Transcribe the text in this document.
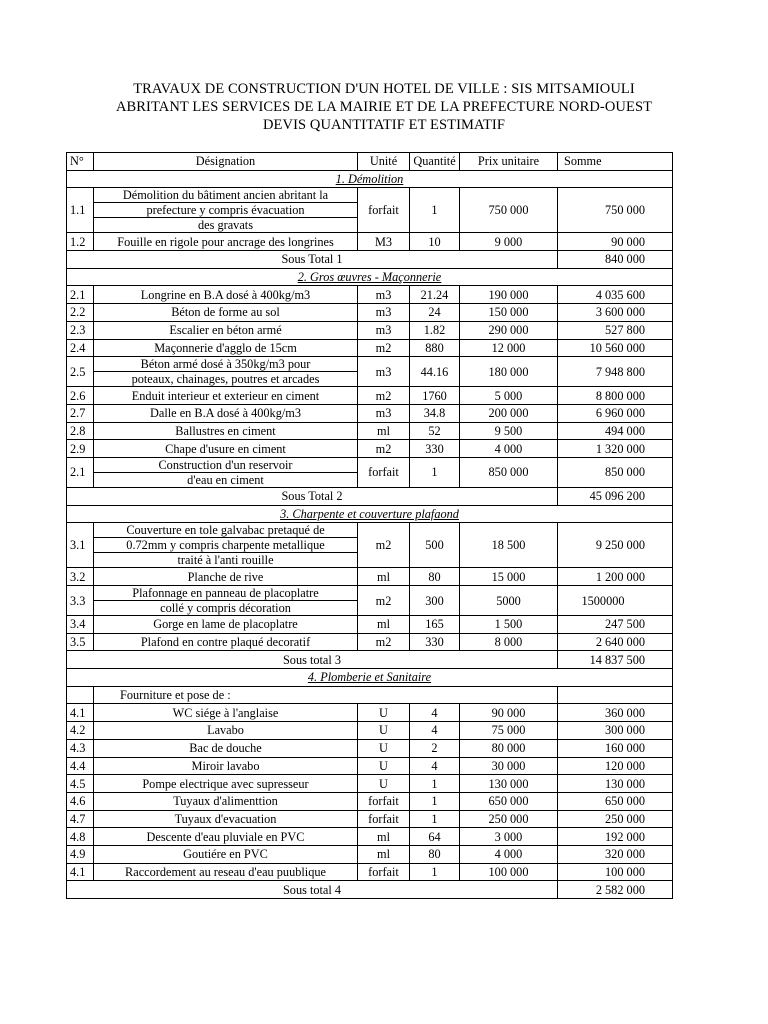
TRAVAUX DE CONSTRUCTION D'UN HOTEL DE VILLE : SIS MITSAMIOULI
ABRITANT LES SERVICES DE LA MAIRIE ET DE LA PREFECTURE NORD-OUEST
DEVIS QUANTITATIF ET ESTIMATIF
N°	Désignation	Unité	Quantité	Prix unitaire	Somme
1. Démolition					
1.1	Démolition du bâtiment ancien abritant la
prefecture y compris évacuation
des gravats	forfait	1	750 000	750 000
1.2	Fouille en rigole pour ancrage des longrines	M3	10	9 000	90 000
Sous Total 1					840 000
2. Gros œuvres - Maçonnerie					
2.1	Longrine en B.A dosé à 400kg/m3	m3	21.24	190 000	4 035 600
2.2	Béton de forme au sol	m3	24	150 000	3 600 000
2.3	Escalier en béton armé	m3	1.82	290 000	527 800
2.4	Maçonnerie d'agglo de 15cm	m2	880	12 000	10 560 000
2.5	Béton armé dosé à 350kg/m3 pour
poteaux, chainages, poutres et arcades	m3	44.16	180 000	7 948 800
2.6	Enduit interieur et exterieur en ciment	m2	1760	5 000	8 800 000
2.7	Dalle en B.A dosé à 400kg/m3	m3	34.8	200 000	6 960 000
2.8	Ballustres en ciment	ml	52	9 500	494 000
2.9	Chape d'usure en ciment	m2	330	4 000	1 320 000
2.1	Construction d'un reservoir
d'eau en ciment	forfait	1	850 000	850 000
Sous Total 2					45 096 200
3. Charpente et couverture plafaond					
3.1	Couverture en tole galvabac pretaqué de
0.72mm y compris charpente metallique
traité à l'anti rouille	m2	500	18 500	9 250 000
3.2	Planche de rive	ml	80	15 000	1 200 000
3.3	Plafonnage en panneau de placoplatre
collé y compris décoration	m2	300	5000	1500000
3.4	Gorge en lame de placoplatre	ml	165	1 500	247 500
3.5	Plafond en contre plaqué decoratif	m2	330	8 000	2 640 000
Sous total 3					14 837 500
4. Plomberie et Sanitaire					
	Fourniture et pose de :				
4.1	WC siége à l'anglaise	U	4	90 000	360 000
4.2	Lavabo	U	4	75 000	300 000
4.3	Bac de douche	U	2	80 000	160 000
4.4	Miroir lavabo	U	4	30 000	120 000
4.5	Pompe electrique avec supresseur	U	1	130 000	130 000
4.6	Tuyaux d'alimenttion	forfait	1	650 000	650 000
4.7	Tuyaux d'evacuation	forfait	1	250 000	250 000
4.8	Descente d'eau pluviale en PVC	ml	64	3 000	192 000
4.9	Goutiére en PVC	ml	80	4 000	320 000
4.1	Raccordement au reseau d'eau puublique	forfait	1	100 000	100 000
Sous total 4					2 582 000
